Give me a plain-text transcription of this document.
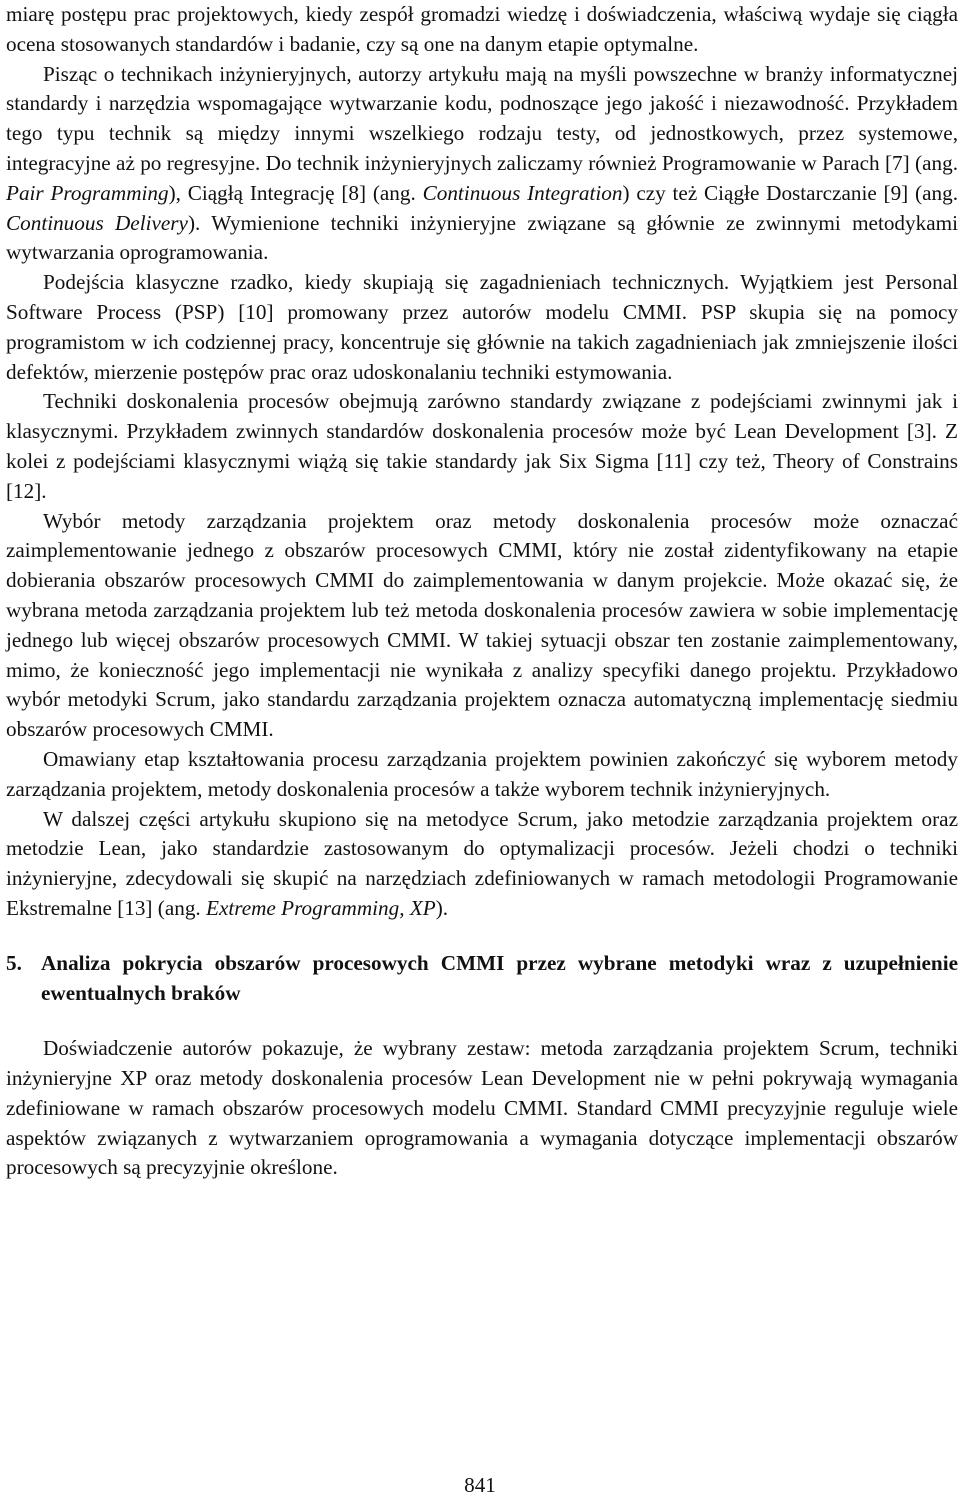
miarę postępu prac projektowych, kiedy zespół gromadzi wiedzę i doświadczenia, właściwą wydaje się ciągła ocena stosowanych standardów i badanie, czy są one na danym etapie optymalne.

Pisząc o technikach inżynieryjnych, autorzy artykułu mają na myśli powszechne w branży informatycznej standardy i narzędzia wspomagające wytwarzanie kodu, podnoszące jego jakość i niezawodność. Przykładem tego typu technik są między innymi wszelkiego rodzaju testy, od jednostkowych, przez systemowe, integracyjne aż po regresyjne. Do technik inżynieryjnych zaliczamy również Programowanie w Parach [7] (ang. Pair Programming), Ciągłą Integrację [8] (ang. Continuous Integration) czy też Ciągłe Dostarczanie [9] (ang. Continuous Delivery). Wymienione techniki inżynieryjne związane są głównie ze zwinnymi metodykami wytwarzania oprogramowania.

Podejścia klasyczne rzadko, kiedy skupiają się zagadnieniach technicznych. Wyjątkiem jest Personal Software Process (PSP) [10] promowany przez autorów modelu CMMI. PSP skupia się na pomocy programistom w ich codziennej pracy, koncentruje się głównie na takich zagadnieniach jak zmniejszenie ilości defektów, mierzenie postępów prac oraz udoskonalaniu techniki estymowania.

Techniki doskonalenia procesów obejmują zarówno standardy związane z podejściami zwinnymi jak i klasycznymi. Przykładem zwinnych standardów doskonalenia procesów może być Lean Development [3]. Z kolei z podejściami klasycznymi wiążą się takie standardy jak Six Sigma [11] czy też, Theory of Constrains [12].

Wybór metody zarządzania projektem oraz metody doskonalenia procesów może oznaczać zaimplementowanie jednego z obszarów procesowych CMMI, który nie został zidentyfikowany na etapie dobierania obszarów procesowych CMMI do zaimplementowania w danym projekcie. Może okazać się, że wybrana metoda zarządzania projektem lub też metoda doskonalenia procesów zawiera w sobie implementację jednego lub więcej obszarów procesowych CMMI. W takiej sytuacji obszar ten zostanie zaimplementowany, mimo, że konieczność jego implementacji nie wynikała z analizy specyfiki danego projektu. Przykładowo wybór metodyki Scrum, jako standardu zarządzania projektem oznacza automatyczną implementację siedmiu obszarów procesowych CMMI.

Omawiany etap kształtowania procesu zarządzania projektem powinien zakończyć się wyborem metody zarządzania projektem, metody doskonalenia procesów a także wyborem technik inżynieryjnych.

W dalszej części artykułu skupiono się na metodyce Scrum, jako metodzie zarządzania projektem oraz metodzie Lean, jako standardzie zastosowanym do optymalizacji procesów. Jeżeli chodzi o techniki inżynieryjne, zdecydowali się skupić na narzędziach zdefiniowanych w ramach metodologii Programowanie Ekstremalne [13] (ang. Extreme Programming, XP).

5. Analiza pokrycia obszarów procesowych CMMI przez wybrane metodyki wraz z uzupełnienie ewentualnych braków

Doświadczenie autorów pokazuje, że wybrany zestaw: metoda zarządzania projektem Scrum, techniki inżynieryjne XP oraz metody doskonalenia procesów Lean Development nie w pełni pokrywają wymagania zdefiniowane w ramach obszarów procesowych modelu CMMI. Standard CMMI precyzyjnie reguluje wiele aspektów związanych z wytwarzaniem oprogramowania a wymagania dotyczące implementacji obszarów procesowych są precyzyjnie określone.

841
